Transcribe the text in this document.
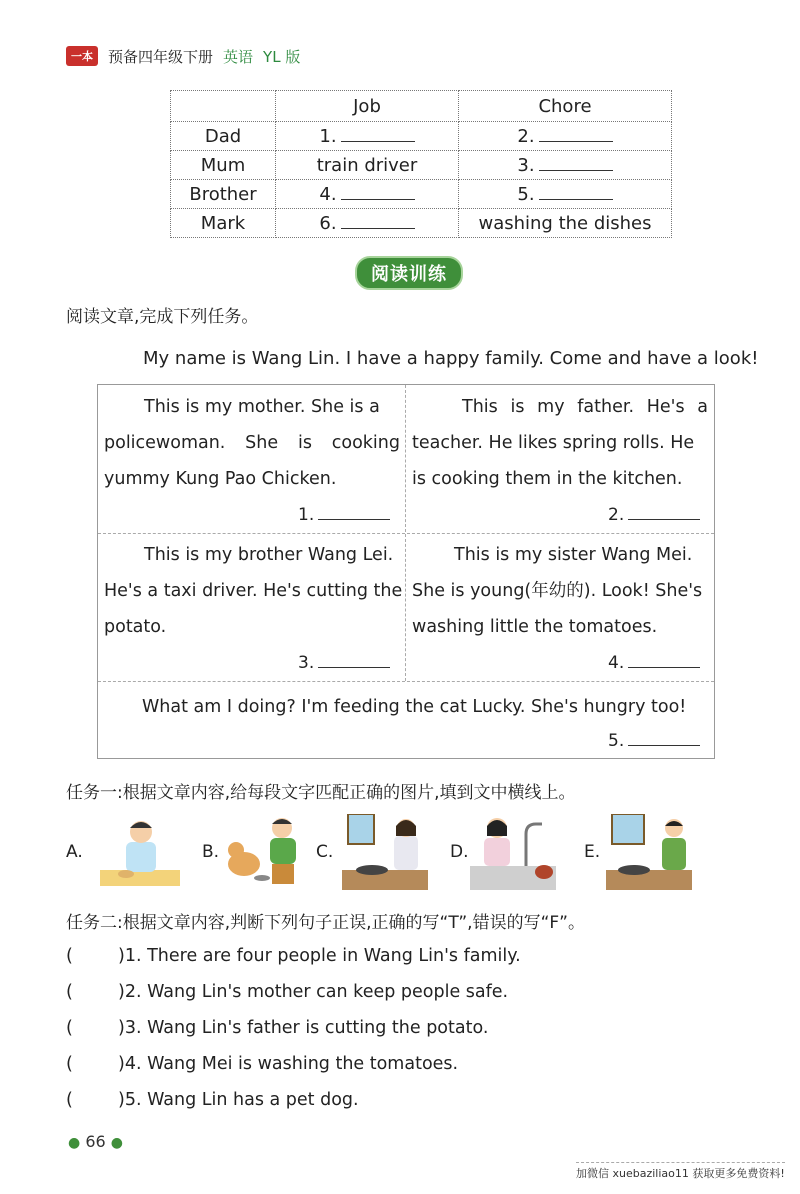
一本	预备四年级下册 英语 YL 版
	Job	Chore
Dad	1.	2.
Mum	train driver	3.
Brother	4.	5.
Mark	6.	washing the dishes
阅读训练
阅读文章,完成下列任务。
My name is Wang Lin. I have a happy family. Come and have a look!
This is my mother. She is a
policewoman. She is cooking
yummy Kung Pao Chicken.
1.
This is my father. He's a
teacher. He likes spring rolls. He
is cooking them in the kitchen.
2.
This is my brother Wang Lei.
He's a taxi driver. He's cutting the
potato.
3.
This is my sister Wang Mei.
She is young(年幼的). Look! She's
washing little the tomatoes.
4.
What am I doing? I'm feeding the cat Lucky. She's hungry too!
5.
任务一:根据文章内容,给每段文字匹配正确的图片,填到文中横线上。
A.	B.	C.	D.	E.
任务二:根据文章内容,判断下列句子正误,正确的写“T”,错误的写“F”。
(	)1. There are four people in Wang Lin's family.
(	)2. Wang Lin's mother can keep people safe.
(	)3. Wang Lin's father is cutting the potato.
(	)4. Wang Mei is washing the tomatoes.
(	)5. Wang Lin has a pet dog.
● 66 ●
加微信 xuebaziliao11 获取更多免费资料!
